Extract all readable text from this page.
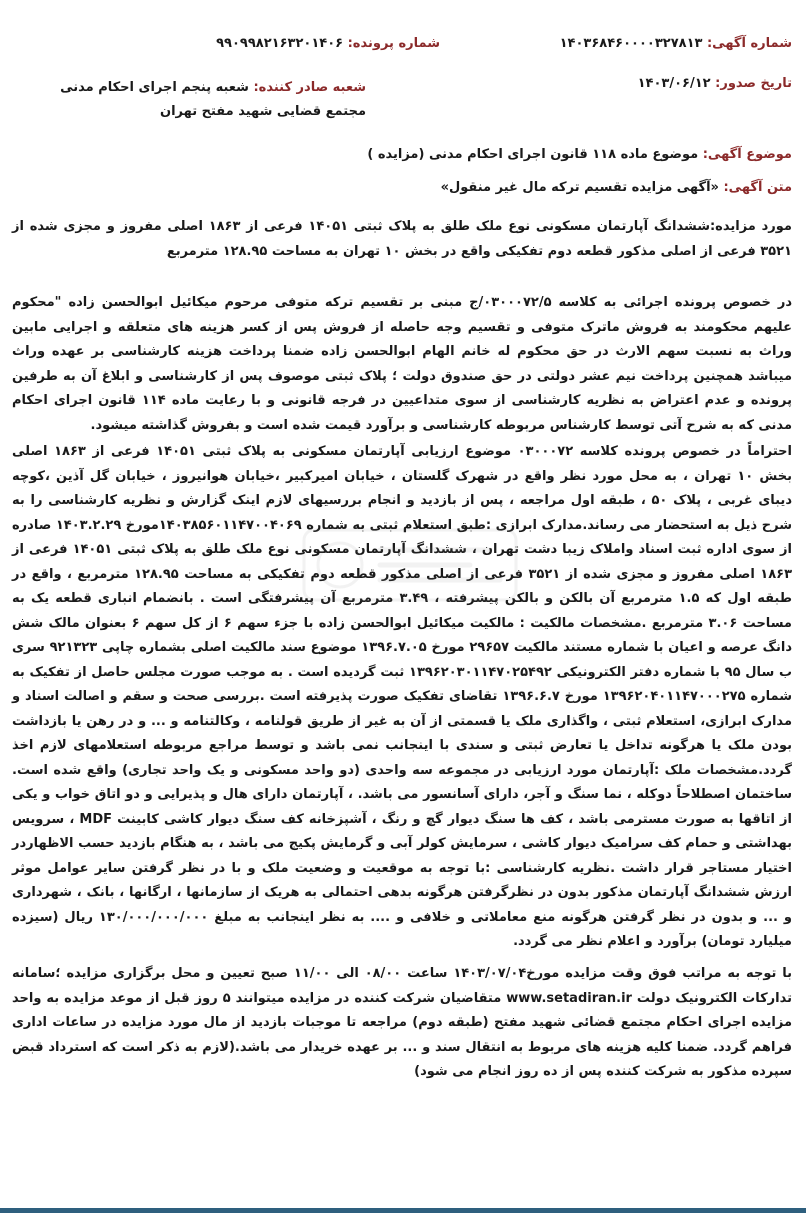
شماره آگهی: ۱۴۰۳۶۸۴۶۰۰۰۰۳۲۷۸۱۳
شماره پرونده: ۹۹۰۹۹۸۲۱۶۳۲۰۱۴۰۶
تاریخ صدور: ۱۴۰۳/۰۶/۱۲
شعبه صادر کننده: شعبه پنجم اجرای احکام مدنی مجتمع قضایی شهید مفتح تهران
موضوع آگهی: موضوع ماده ۱۱۸ قانون اجرای احکام مدنی (مزایده )
متن آگهی: «آگهی مزایده تقسیم ترکه مال غیر منقول»

مورد مزایده:ششدانگ آپارتمان مسکونی نوع ملک طلق به پلاک ثبتی ۱۴۰۵۱ فرعی از ۱۸۶۳ اصلی مفروز و مجزی شده از ۳۵۲۱ فرعی از اصلی مذکور قطعه دوم تفکیکی واقع در بخش ۱۰ تهران به مساحت ۱۲۸.۹۵ مترمربع

در خصوص پرونده اجرائی به کلاسه ۰۳۰۰۰۷۲/۵/ج مبنی بر تقسیم ترکه متوفی مرحوم میکائیل ابوالحسن زاده "محکوم علیهم محکومند به فروش ماترک متوفی و تقسیم وجه حاصله از فروش پس از کسر هزینه های متعلقه و اجرایی مابین وراث به نسبت سهم الارث در حق محکوم له خانم الهام ابوالحسن زاده ضمنا پرداخت هزینه کارشناسی بر عهده وراث میباشد همچنین پرداخت نیم عشر دولتی در حق صندوق دولت ؛ پلاک ثبتی موصوف پس از کارشناسی و ابلاغ آن به طرفین پرونده و عدم اعتراض به نظریه کارشناسی از سوی متداعیین در فرجه قانونی و با رعایت ماده ۱۱۴ قانون اجرای احکام مدنی که به شرح آتی توسط کارشناس مربوطه کارشناسی و برآورد قیمت شده است و بفروش گذاشته میشود.

احتراماً در خصوص پرونده کلاسه ۰۳۰۰۰۷۲ موضوع ارزیابی آپارتمان مسکونی به پلاک ثبتی ۱۴۰۵۱ فرعی از ۱۸۶۳ اصلی بخش ۱۰ تهران ، به محل مورد نظر واقع در شهرک گلستان ، خیابان امیرکبیر ،خیابان هوانیروز ، خیابان گل آذین ،کوچه دیبای غربی ، پلاک ۵۰ ، طبقه اول مراجعه ، پس از بازدید و انجام بررسیهای لازم اینک گزارش و نظریه کارشناسی را به شرح ذیل به استحضار می رساند.مدارک ابرازی :طبق استعلام ثبتی به شماره ۱۴۰۳۸۵۶۰۱۱۴۷۰۰۴۰۶۹مورخ ۱۴۰۳.۲.۲۹ صادره از سوی اداره ثبت اسناد واملاک زیبا دشت تهران ، ششدانگ آپارتمان مسکونی نوع ملک طلق به پلاک ثبتی ۱۴۰۵۱ فرعی از ۱۸۶۳ اصلی مفروز و مجزی شده از ۳۵۲۱ فرعی از اصلی مذکور قطعه دوم تفکیکی به مساحت ۱۲۸.۹۵ مترمربع ، واقع در طبقه اول که ۱.۵ مترمربع آن بالکن و بالکن پیشرفته ، ۳.۴۹ مترمربع آن پیشرفتگی است . بانضمام انباری قطعه یک به مساحت ۳.۰۶ مترمربع .مشخصات مالکیت : مالکیت میکائیل ابوالحسن زاده با جزء سهم ۶ از کل سهم ۶ بعنوان مالک شش دانگ عرصه و اعیان با شماره مستند مالکیت ۲۹۶۵۷ مورخ ۱۳۹۶.۷.۰۵ موضوع سند مالکیت اصلی بشماره چاپی ۹۲۱۳۲۳ سری ب سال ۹۵ با شماره دفتر الکترونیکی ۱۳۹۶۲۰۳۰۱۱۴۷۰۲۵۴۹۲ ثبت گردیده است . به موجب صورت مجلس حاصل از تفکیک به شماره ۱۳۹۶۲۰۴۰۱۱۴۷۰۰۰۲۷۵ مورخ ۱۳۹۶.۶.۷ تقاضای تفکیک صورت پذیرفته است .بررسی صحت و سقم و اصالت اسناد و مدارک ابرازی، استعلام ثبتی ، واگذاری ملک یا قسمتی از آن به غیر از طریق قولنامه ، وکالتنامه و ... و در رهن یا بازداشت بودن ملک یا هرگونه تداخل یا تعارض ثبتی و سندی با اینجانب نمی باشد و توسط مراجع مربوطه استعلامهای لازم اخذ گردد.مشخصات ملک :آپارتمان مورد ارزیابی در مجموعه سه واحدی (دو واحد مسکونی و یک واحد تجاری) واقع شده است. ساختمان اصطلاحاً دوکله ، نما سنگ و آجر، دارای آسانسور می باشد. ، آپارتمان دارای هال و پذیرایی و دو اتاق خواب و یکی از اتاقها به صورت مسترمی باشد ، کف ها سنگ دیوار گچ و رنگ ، آشپزخانه کف سنگ دیوار کاشی کابینت MDF ، سرویس بهداشتی و حمام کف سرامیک دیوار کاشی ، سرمایش کولر آبی و گرمایش پکیج می باشد ، به هنگام بازدید حسب الاظهاردر اختیار مستاجر قرار داشت .نظریه کارشناسی :با توجه به موقعیت و وضعیت ملک و با در نظر گرفتن سایر عوامل موثر ارزش ششدانگ آپارتمان مذکور بدون در نظرگرفتن هرگونه بدهی احتمالی به هریک از سازمانها ، ارگانها ، بانک ، شهرداری و ... و بدون در نظر گرفتن هرگونه منع معاملاتی و خلافی و .... به نظر اینجانب به مبلغ ۱۳۰/۰۰۰/۰۰۰/۰۰۰ ریال (سیزده میلیارد تومان) برآورد و اعلام نظر می گردد.

با توجه به مراتب فوق وقت مزایده مورخ۱۴۰۳/۰۷/۰۴ ساعت ۰۸/۰۰ الی ۱۱/۰۰ صبح تعیین و محل برگزاری مزایده ؛سامانه تدارکات الکترونیک دولت www.setadiran.ir متقاضیان شرکت کننده در مزایده میتوانند ۵ روز قبل از موعد مزایده به واحد مزایده اجرای احکام مجتمع قضائی شهید مفتح (طبقه دوم) مراجعه تا موجبات بازدید از مال مورد مزایده در ساعات اداری فراهم گردد. ضمنا کلیه هزینه های مربوط به انتقال سند و ... بر عهده خریدار می باشد.(لازم به ذکر است که استرداد قبض سپرده مذکور به شرکت کننده پس از ده روز انجام می شود)
